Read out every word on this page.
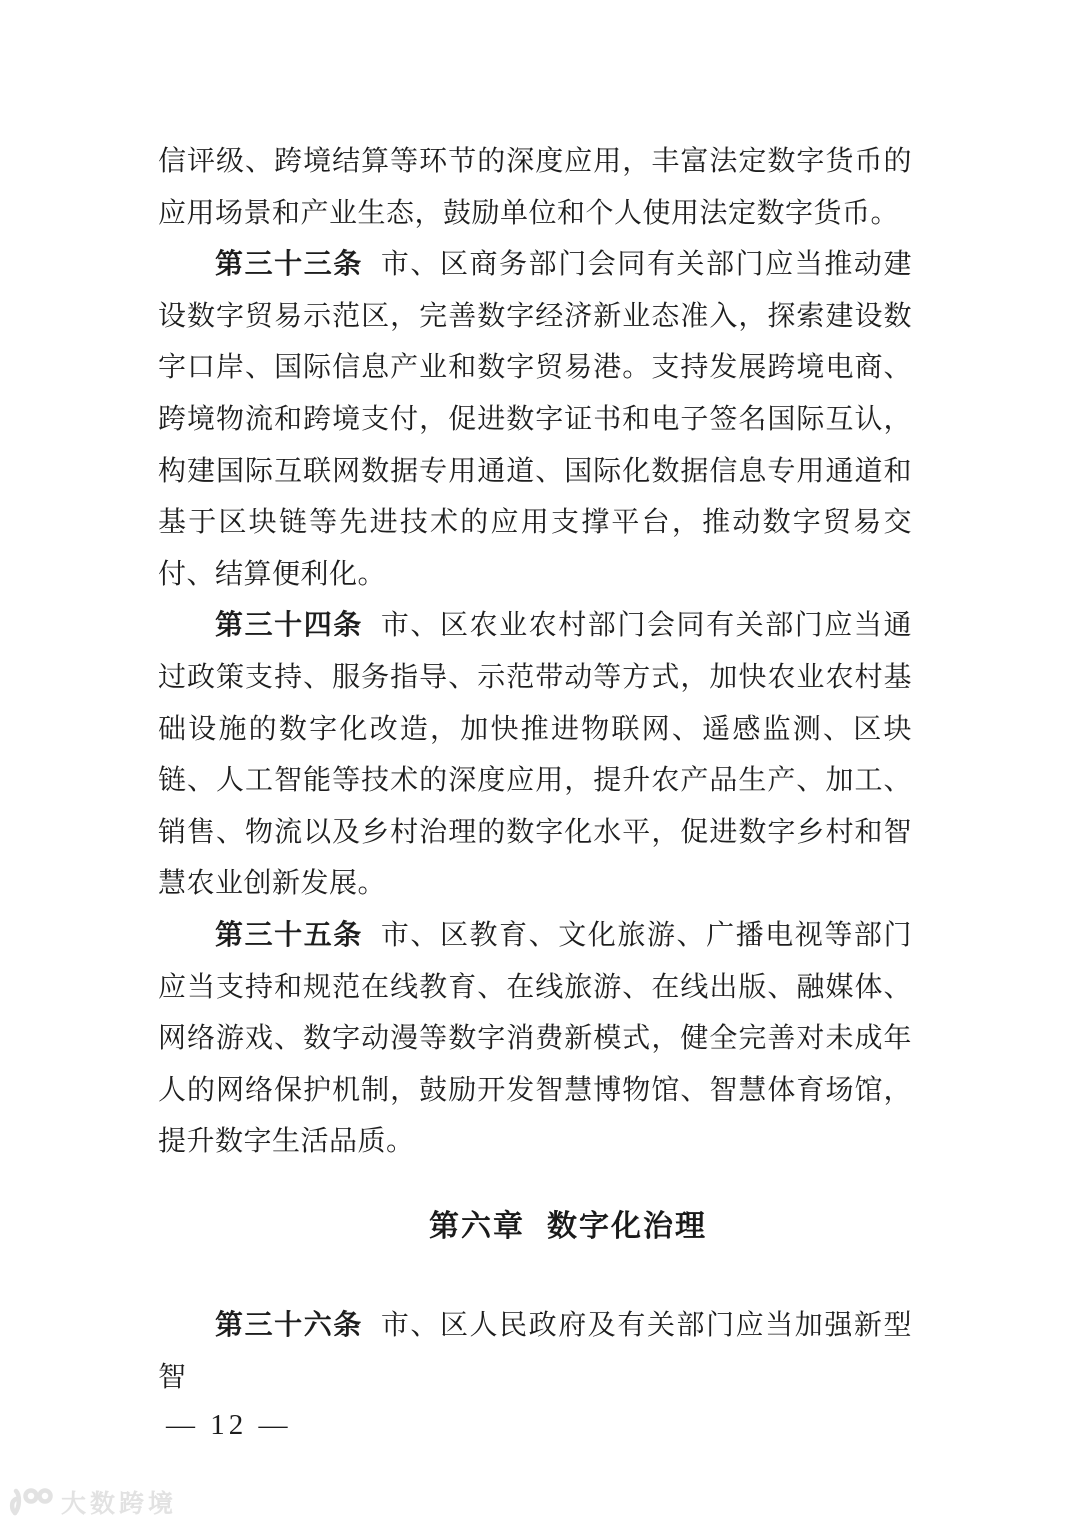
信评级、跨境结算等环节的深度应用，丰富法定数字货币的应用场景和产业生态，鼓励单位和个人使用法定数字货币。

第三十三条 市、区商务部门会同有关部门应当推动建设数字贸易示范区，完善数字经济新业态准入，探索建设数字口岸、国际信息产业和数字贸易港。支持发展跨境电商、跨境物流和跨境支付，促进数字证书和电子签名国际互认，构建国际互联网数据专用通道、国际化数据信息专用通道和基于区块链等先进技术的应用支撑平台，推动数字贸易交付、结算便利化。

第三十四条 市、区农业农村部门会同有关部门应当通过政策支持、服务指导、示范带动等方式，加快农业农村基础设施的数字化改造，加快推进物联网、遥感监测、区块链、人工智能等技术的深度应用，提升农产品生产、加工、销售、物流以及乡村治理的数字化水平，促进数字乡村和智慧农业创新发展。

第三十五条 市、区教育、文化旅游、广播电视等部门应当支持和规范在线教育、在线旅游、在线出版、融媒体、网络游戏、数字动漫等数字消费新模式，健全完善对未成年人的网络保护机制，鼓励开发智慧博物馆、智慧体育场馆，提升数字生活品质。

第六章 数字化治理

第三十六条 市、区人民政府及有关部门应当加强新型智

— 12 —
大数跨境
